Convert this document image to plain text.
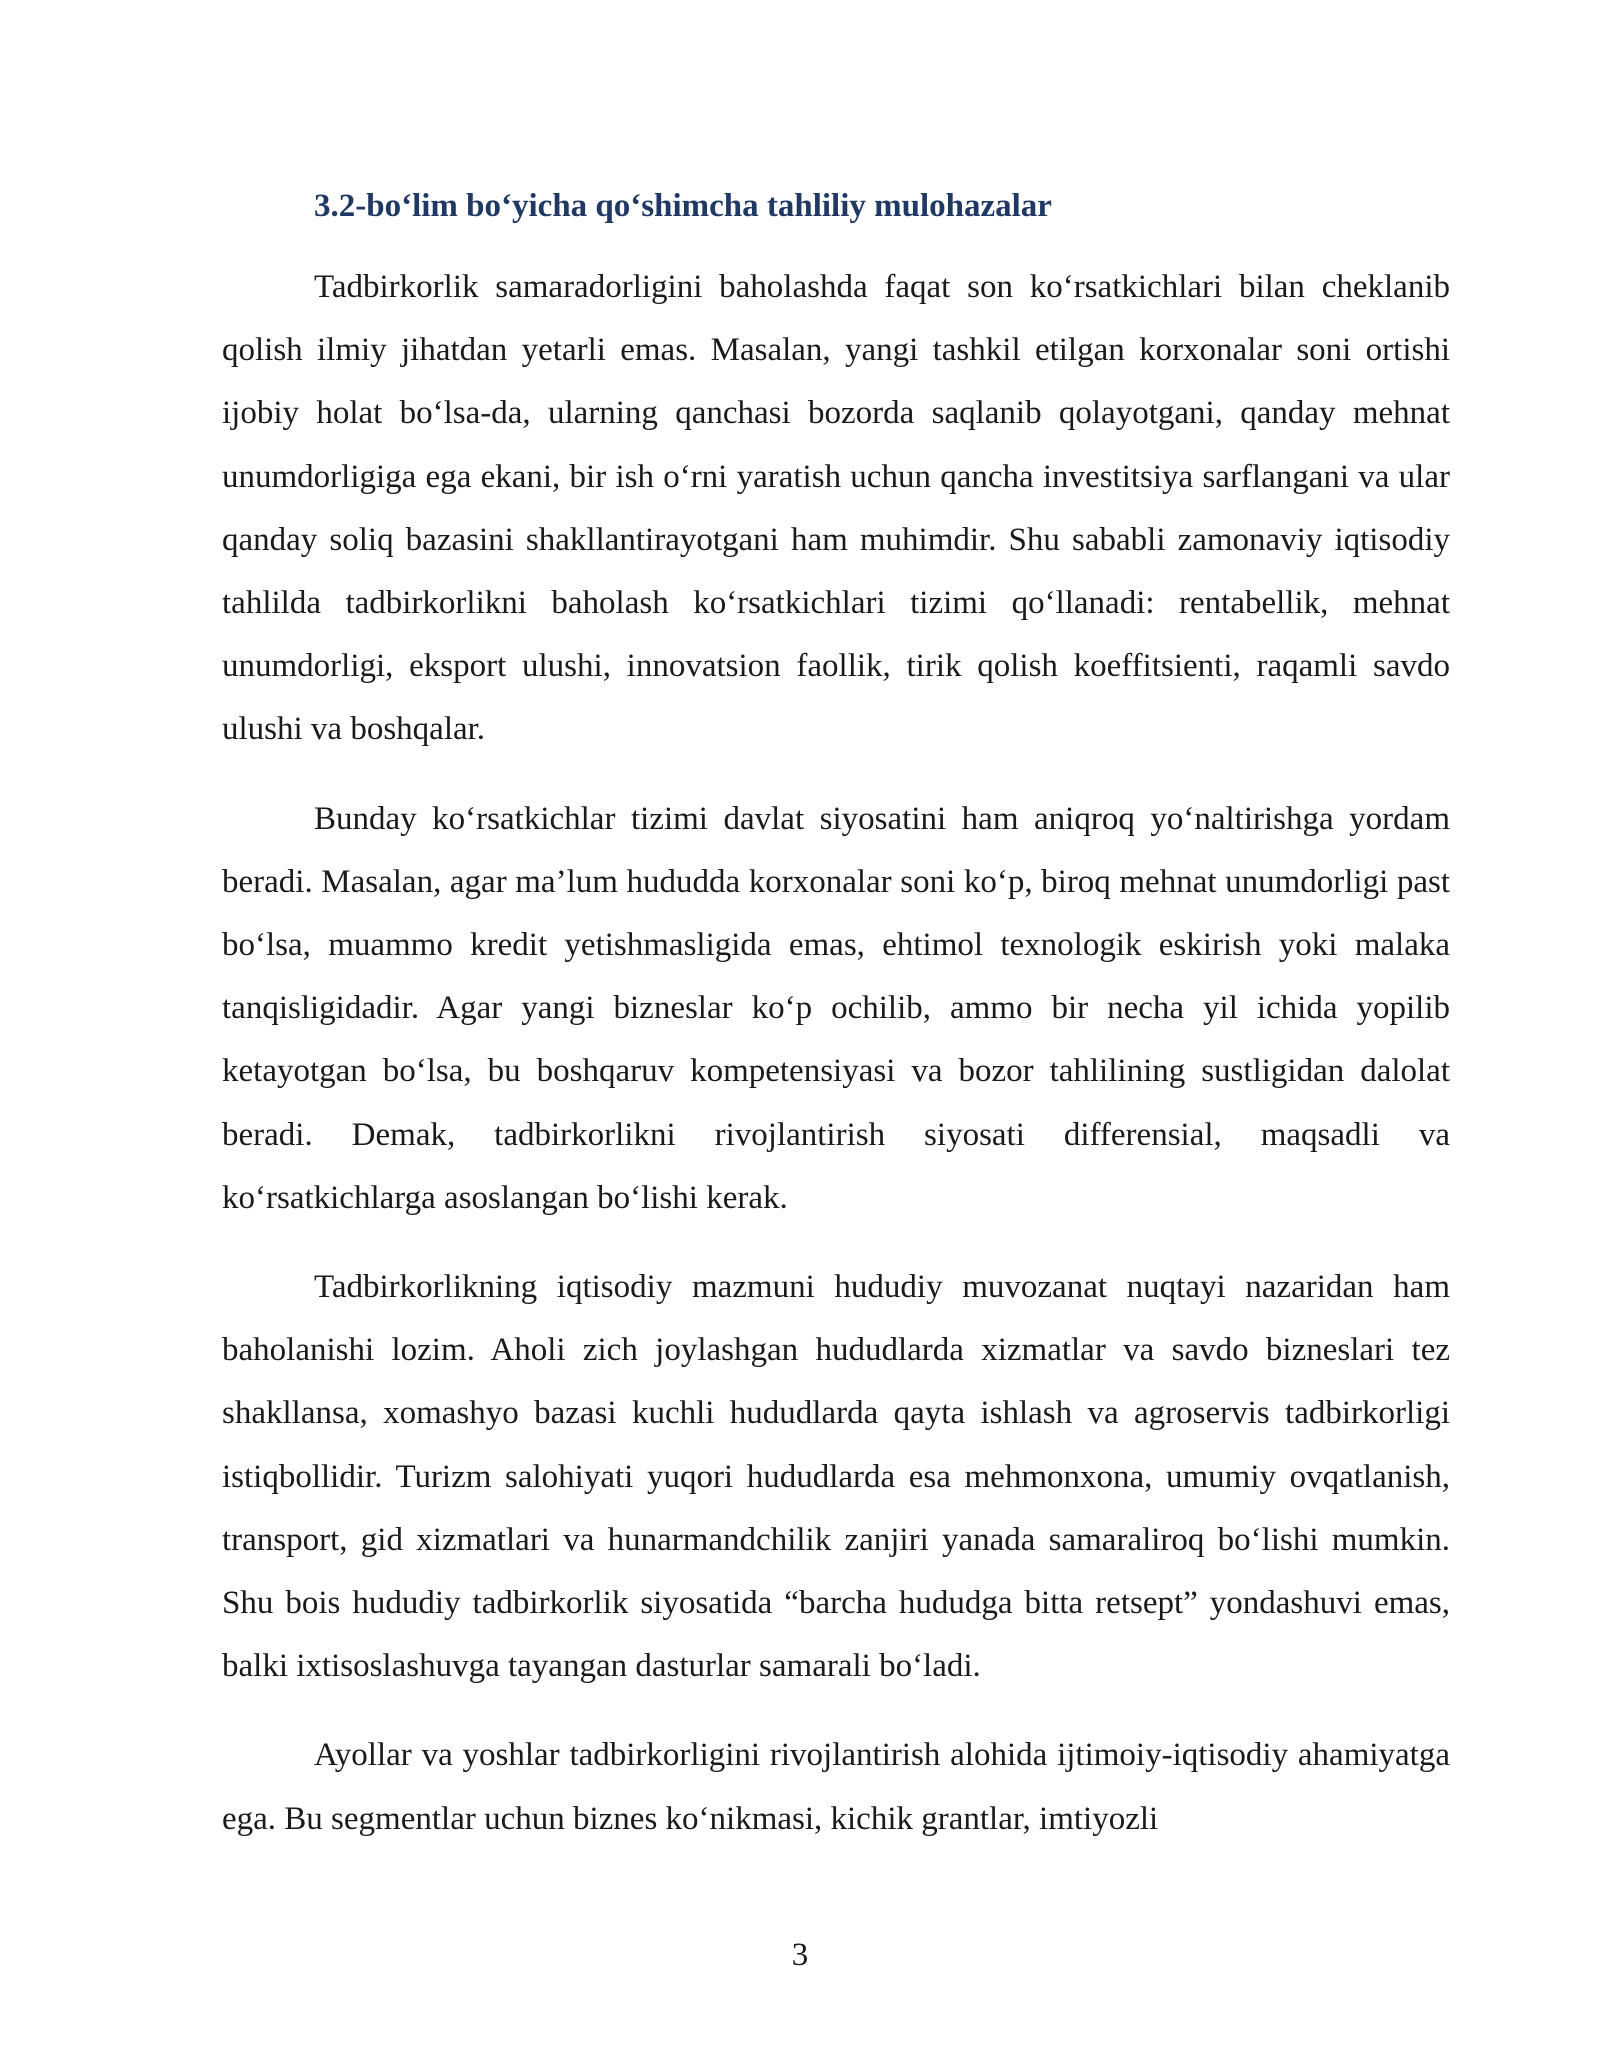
3.2-bo‘lim bo‘yicha qo‘shimcha tahliliy mulohazalar

Tadbirkorlik samaradorligini baholashda faqat son ko‘rsatkichlari bilan cheklanib qolish ilmiy jihatdan yetarli emas. Masalan, yangi tashkil etilgan korxonalar soni ortishi ijobiy holat bo‘lsa-da, ularning qanchasi bozorda saqlanib qolayotgani, qanday mehnat unumdorligiga ega ekani, bir ish o‘rni yaratish uchun qancha investitsiya sarflangani va ular qanday soliq bazasini shakllantirayotgani ham muhimdir. Shu sababli zamonaviy iqtisodiy tahlilda tadbirkorlikni baholash ko‘rsatkichlari tizimi qo‘llanadi: rentabellik, mehnat unumdorligi, eksport ulushi, innovatsion faollik, tirik qolish koeffitsienti, raqamli savdo ulushi va boshqalar.

Bunday ko‘rsatkichlar tizimi davlat siyosatini ham aniqroq yo‘naltirishga yordam beradi. Masalan, agar ma’lum hududda korxonalar soni ko‘p, biroq mehnat unumdorligi past bo‘lsa, muammo kredit yetishmasligida emas, ehtimol texnologik eskirish yoki malaka tanqisligidadir. Agar yangi bizneslar ko‘p ochilib, ammo bir necha yil ichida yopilib ketayotgan bo‘lsa, bu boshqaruv kompetensiyasi va bozor tahlilining sustligidan dalolat beradi. Demak, tadbirkorlikni rivojlantirish siyosati differensial, maqsadli va ko‘rsatkichlarga asoslangan bo‘lishi kerak.

Tadbirkorlikning iqtisodiy mazmuni hududiy muvozanat nuqtayi nazaridan ham baholanishi lozim. Aholi zich joylashgan hududlarda xizmatlar va savdo bizneslari tez shakllansa, xomashyo bazasi kuchli hududlarda qayta ishlash va agroservis tadbirkorligi istiqbollidir. Turizm salohiyati yuqori hududlarda esa mehmonxona, umumiy ovqatlanish, transport, gid xizmatlari va hunarmandchilik zanjiri yanada samaraliroq bo‘lishi mumkin. Shu bois hududiy tadbirkorlik siyosatida “barcha hududga bitta retsept” yondashuvi emas, balki ixtisoslashuvga tayangan dasturlar samarali bo‘ladi.

Ayollar va yoshlar tadbirkorligini rivojlantirish alohida ijtimoiy-iqtisodiy ahamiyatga ega. Bu segmentlar uchun biznes ko‘nikmasi, kichik grantlar, imtiyozli

3
